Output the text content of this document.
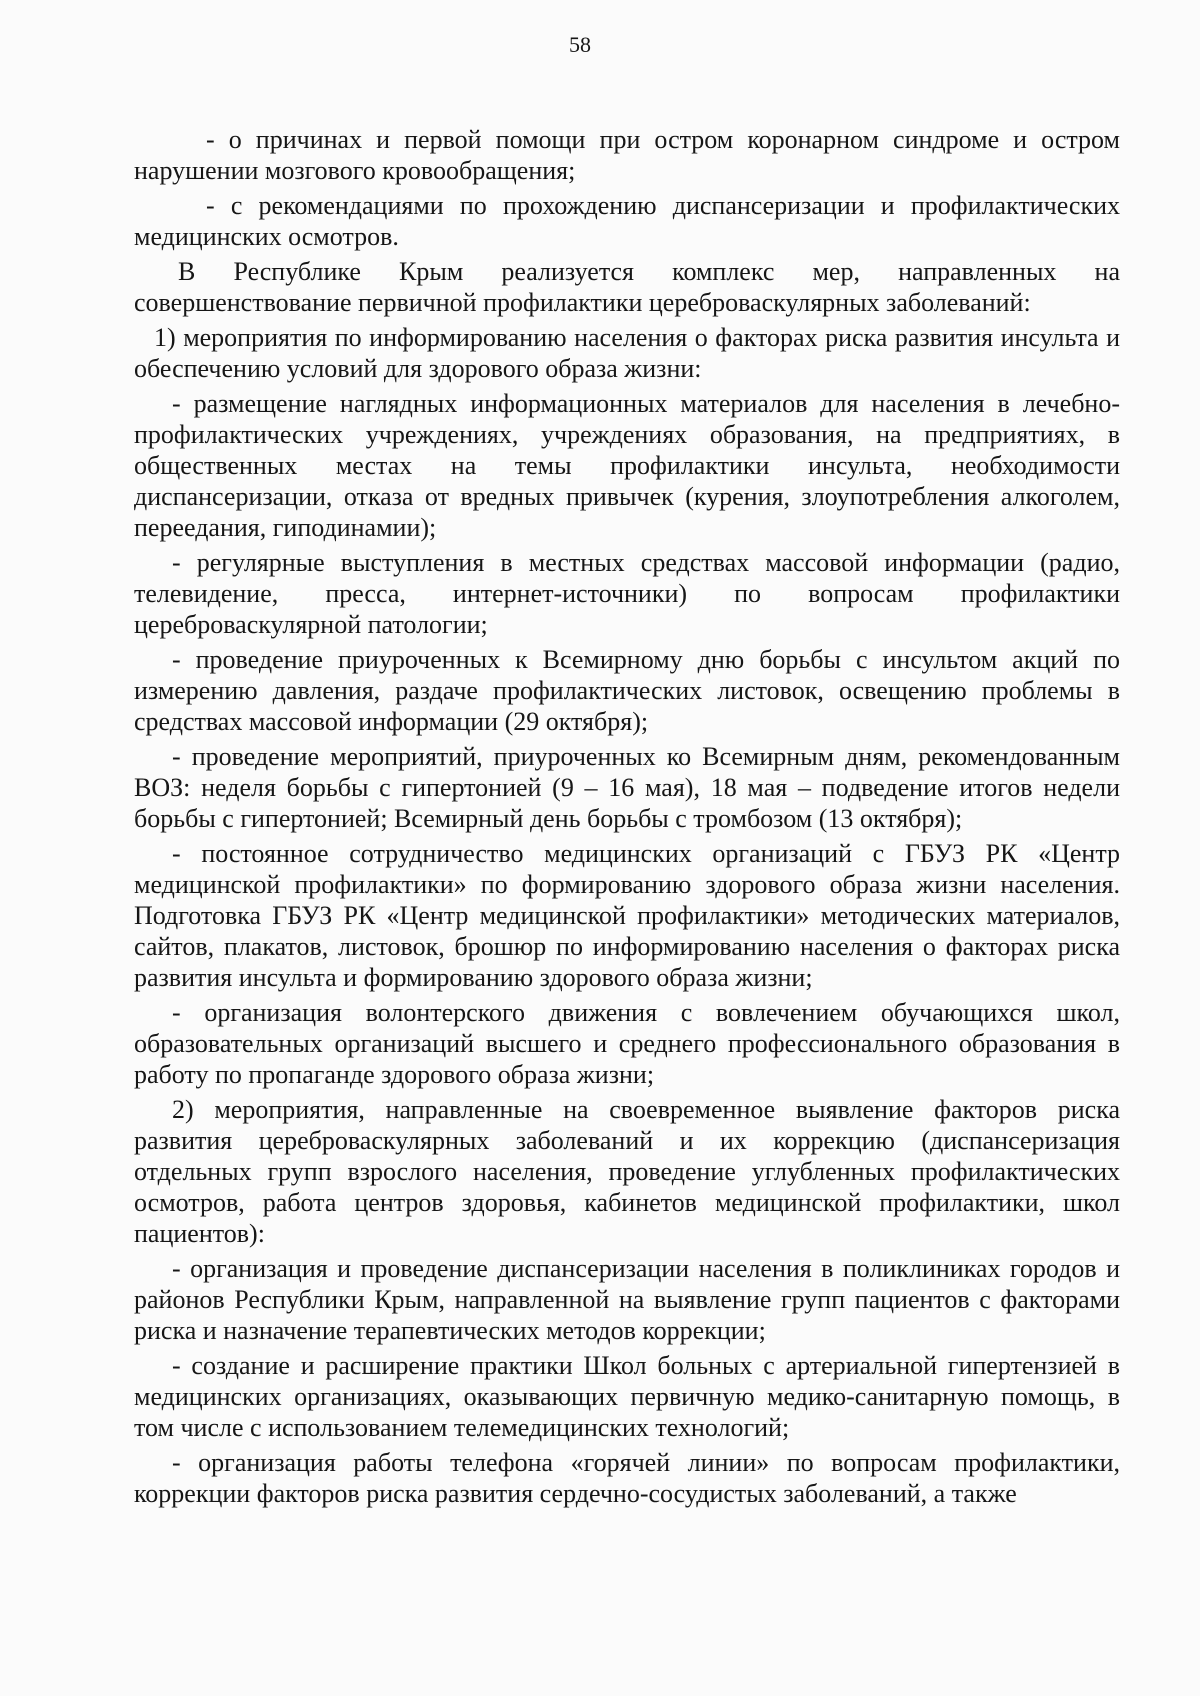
58

- о причинах и первой помощи при остром коронарном синдроме и остром нарушении мозгового кровообращения;

- с рекомендациями по прохождению диспансеризации и профилактических медицинских осмотров.

В Республике Крым реализуется комплекс мер, направленных на совершенствование первичной профилактики цереброваскулярных заболеваний:

1) мероприятия по информированию населения о факторах риска развития инсульта и обеспечению условий для здорового образа жизни:

- размещение наглядных информационных материалов для населения в лечебно-профилактических учреждениях, учреждениях образования, на предприятиях, в общественных местах на темы профилактики инсульта, необходимости диспансеризации, отказа от вредных привычек (курения, злоупотребления алкоголем, переедания, гиподинамии);

- регулярные выступления в местных средствах массовой информации (радио, телевидение, пресса, интернет-источники) по вопросам профилактики цереброваскулярной патологии;

- проведение приуроченных к Всемирному дню борьбы с инсультом акций по измерению давления, раздаче профилактических листовок, освещению проблемы в средствах массовой информации (29 октября);

- проведение мероприятий, приуроченных ко Всемирным дням, рекомендованным ВОЗ: неделя борьбы с гипертонией (9 – 16 мая), 18 мая – подведение итогов недели борьбы с гипертонией; Всемирный день борьбы с тромбозом (13 октября);

- постоянное сотрудничество медицинских организаций с ГБУЗ РК «Центр медицинской профилактики» по формированию здорового образа жизни населения. Подготовка ГБУЗ РК «Центр медицинской профилактики» методических материалов, сайтов, плакатов, листовок, брошюр по информированию населения о факторах риска развития инсульта и формированию здорового образа жизни;

- организация волонтерского движения с вовлечением обучающихся школ, образовательных организаций высшего и среднего профессионального образования в работу по пропаганде здорового образа жизни;

2) мероприятия, направленные на своевременное выявление факторов риска развития цереброваскулярных заболеваний и их коррекцию (диспансеризация отдельных групп взрослого населения, проведение углубленных профилактических осмотров, работа центров здоровья, кабинетов медицинской профилактики, школ пациентов):

- организация и проведение диспансеризации населения в поликлиниках городов и районов Республики Крым, направленной на выявление групп пациентов с факторами риска и назначение терапевтических методов коррекции;

- создание и расширение практики Школ больных с артериальной гипертензией в медицинских организациях, оказывающих первичную медико-санитарную помощь, в том числе с использованием телемедицинских технологий;

- организация работы телефона «горячей линии» по вопросам профилактики, коррекции факторов риска развития сердечно-сосудистых заболеваний, а также
